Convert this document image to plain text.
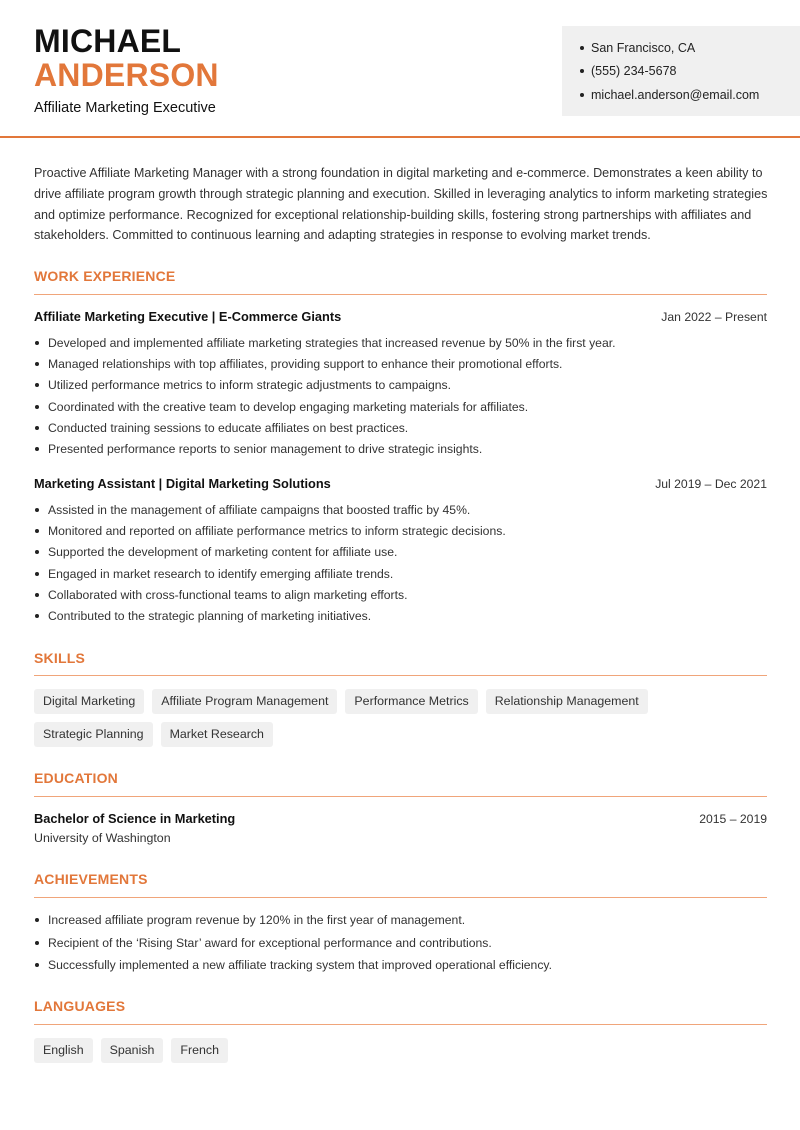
MICHAEL
ANDERSON
Affiliate Marketing Executive
San Francisco, CA
(555) 234-5678
michael.anderson@email.com
Proactive Affiliate Marketing Manager with a strong foundation in digital marketing and e-commerce. Demonstrates a keen ability to drive affiliate program growth through strategic planning and execution. Skilled in leveraging analytics to inform marketing strategies and optimize performance. Recognized for exceptional relationship-building skills, fostering strong partnerships with affiliates and stakeholders. Committed to continuous learning and adapting strategies in response to evolving market trends.
WORK EXPERIENCE
Affiliate Marketing Executive | E-Commerce Giants	Jan 2022 – Present
Developed and implemented affiliate marketing strategies that increased revenue by 50% in the first year.
Managed relationships with top affiliates, providing support to enhance their promotional efforts.
Utilized performance metrics to inform strategic adjustments to campaigns.
Coordinated with the creative team to develop engaging marketing materials for affiliates.
Conducted training sessions to educate affiliates on best practices.
Presented performance reports to senior management to drive strategic insights.
Marketing Assistant | Digital Marketing Solutions	Jul 2019 – Dec 2021
Assisted in the management of affiliate campaigns that boosted traffic by 45%.
Monitored and reported on affiliate performance metrics to inform strategic decisions.
Supported the development of marketing content for affiliate use.
Engaged in market research to identify emerging affiliate trends.
Collaborated with cross-functional teams to align marketing efforts.
Contributed to the strategic planning of marketing initiatives.
SKILLS
Digital Marketing	Affiliate Program Management	Performance Metrics	Relationship Management
Strategic Planning	Market Research
EDUCATION
Bachelor of Science in Marketing	2015 – 2019
University of Washington
ACHIEVEMENTS
Increased affiliate program revenue by 120% in the first year of management.
Recipient of the ‘Rising Star’ award for exceptional performance and contributions.
Successfully implemented a new affiliate tracking system that improved operational efficiency.
LANGUAGES
English	Spanish	French
